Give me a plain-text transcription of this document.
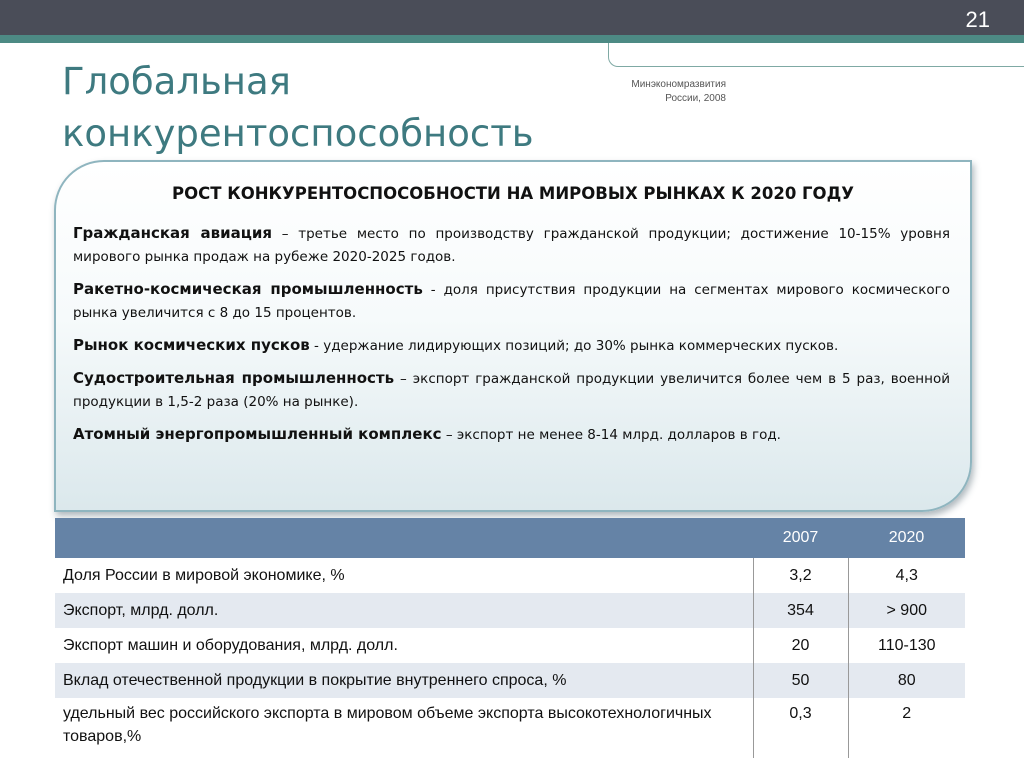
21
Глобальная конкурентоспособность
Минэкономразвития
России, 2008
РОСТ КОНКУРЕНТОСПОСОБНОСТИ НА МИРОВЫХ РЫНКАХ К 2020 ГОДУ

Гражданская авиация – третье место по производству гражданской продукции; достижение 10-15% уровня мирового рынка продаж на рубеже 2020-2025 годов.

Ракетно-космическая промышленность - доля присутствия продукции на сегментах мирового космического рынка увеличится с 8 до 15 процентов.

Рынок космических пусков - удержание лидирующих позиций; до 30% рынка коммерческих пусков.

Судостроительная промышленность – экспорт гражданской продукции увеличится более чем в 5 раз, военной продукции в 1,5-2 раза (20% на рынке).

Атомный энергопромышленный комплекс – экспорт не менее 8-14 млрд. долларов в год.

	2007	2020
Доля России в мировой экономике, %	3,2	4,3
Экспорт, млрд. долл.	354	> 900
Экспорт машин и оборудования, млрд. долл.	20	110-130
Вклад отечественной продукции в покрытие внутреннего спроса, %	50	80
удельный вес российского экспорта в мировом объеме экспорта высокотехнологичных товаров,%	0,3	2
